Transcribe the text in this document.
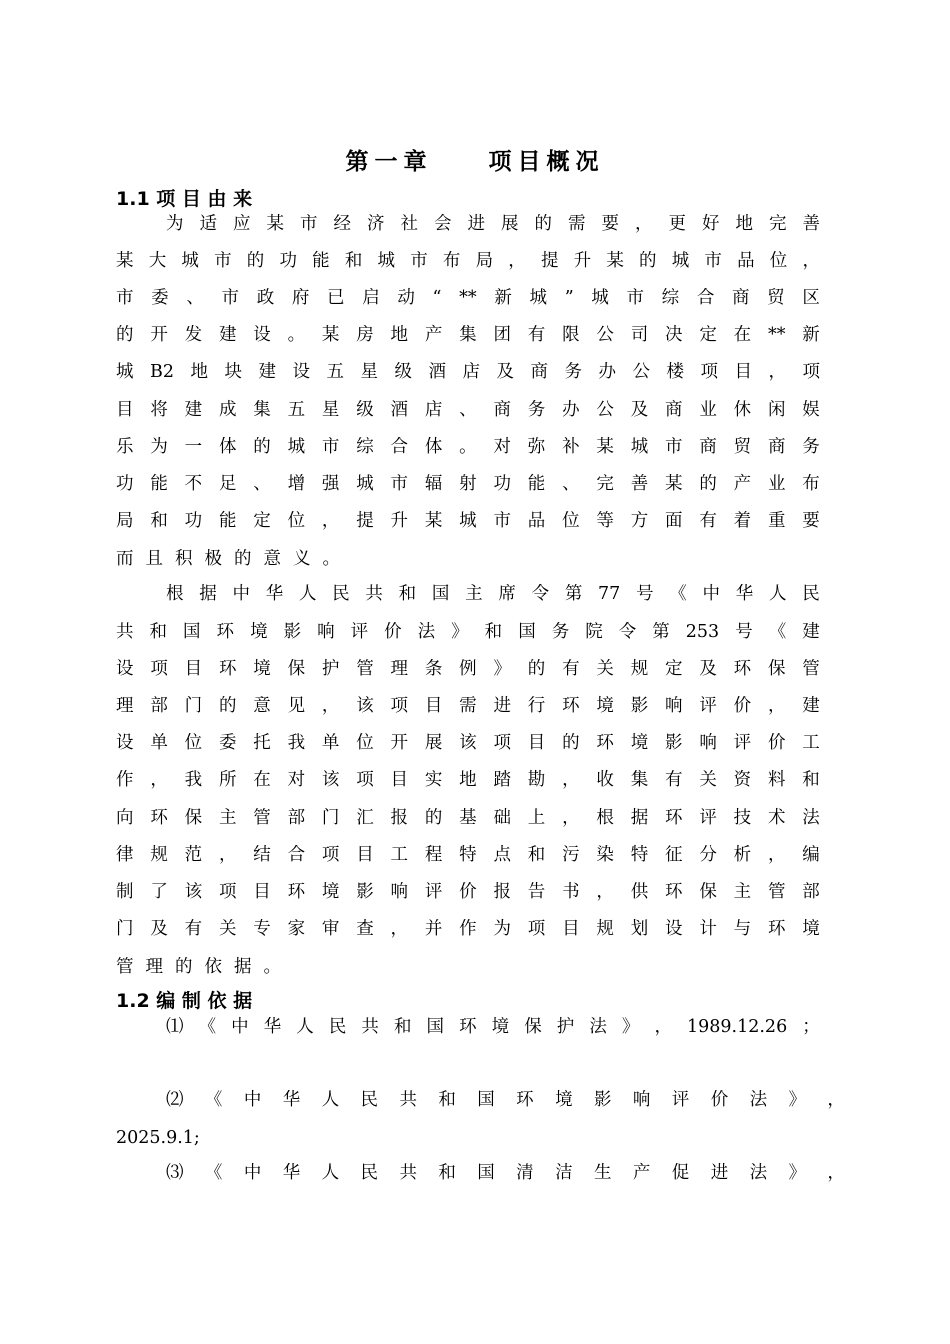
第一章    项目概况
1.1 项 目 由 来
为 适 应 某 市 经 济 社 会 进 展 的 需 要 ， 更 好 地 完 善
某 大 城 市 的 功 能 和 城 市 布 局 ， 提 升 某 的 城 市 品 位 ，
市 委 、 市 政 府 已 启 动 “ ** 新 城 ” 城 市 综 合 商 贸 区
的 开 发 建 设 。 某 房 地 产 集 团 有 限 公 司 决 定 在 ** 新
城 B2 地 块 建 设 五 星 级 酒 店 及 商 务 办 公 楼 项 目 ， 项
目 将 建 成 集 五 星 级 酒 店 、 商 务 办 公 及 商 业 休 闲 娱
乐 为 一 体 的 城 市 综 合 体 。 对 弥 补 某 城 市 商 贸 商 务
功 能 不 足 、 增 强 城 市 辐 射 功 能 、 完 善 某 的 产 业 布
局 和 功 能 定 位 ， 提 升 某 城 市 品 位 等 方 面 有 着 重 要
而且积极的意义。
根 据 中 华 人 民 共 和 国 主 席 令 第 77 号 《 中 华 人 民
共 和 国 环 境 影 响 评 价 法 》 和 国 务 院 令 第 253 号 《 建
设 项 目 环 境 保 护 管 理 条 例 》 的 有 关 规 定 及 环 保 管
理 部 门 的 意 见 ， 该 项 目 需 进 行 环 境 影 响 评 价 ， 建
设 单 位 委 托 我 单 位 开 展 该 项 目 的 环 境 影 响 评 价 工
作 ， 我 所 在 对 该 项 目 实 地 踏 勘 ， 收 集 有 关 资 料 和
向 环 保 主 管 部 门 汇 报 的 基 础 上 ， 根 据 环 评 技 术 法
律 规 范 ， 结 合 项 目 工 程 特 点 和 污 染 特 征 分 析 ， 编
制 了 该 项 目 环 境 影 响 评 价 报 告 书 ， 供 环 保 主 管 部
门 及 有 关 专 家 审 查 ， 并 作 为 项 目 规 划 设 计 与 环 境
管理的依据。
1.2 编 制 依 据
⑴ 《 中 华 人 民 共 和 国 环 境 保 护 法 》 ， 1989.12.26 ；
⑵ 《 中 华 人 民 共 和 国 环 境 影 响 评 价 法 》 ，
2025.9.1;
⑶ 《 中 华 人 民 共 和 国 清 洁 生 产 促 进 法 》 ，
